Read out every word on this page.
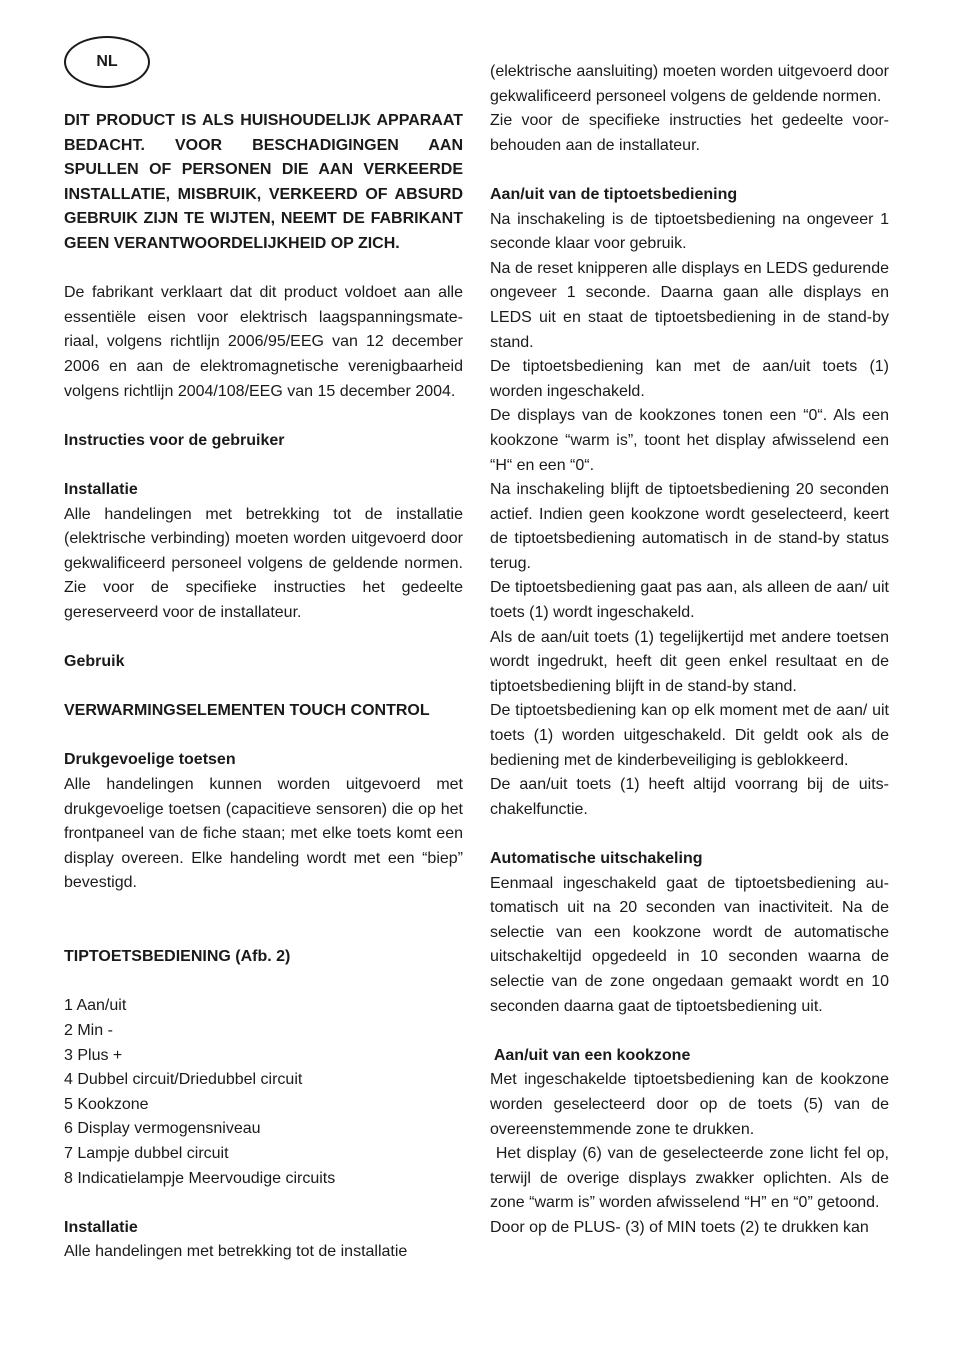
NL

DIT PRODUCT IS ALS HUISHOUDELIJK APPARAAT BEDACHT. VOOR BESCHADIGINGEN AAN SPULLEN OF PERSONEN DIE AAN VERKEERDE INSTALLATIE, MISBRUIK, VERKEERD OF ABSURD GEBRUIK ZIJN TE WIJTEN, NEEMT DE FABRIKANT GEEN VERANTWOORDELIJKHEID OP ZICH.

De fabrikant verklaart dat dit product voldoet aan alle essentiële eisen voor elektrisch laagspanningsmateriaal, volgens richtlijn 2006/95/EEG van 12 december 2006 en aan de elektromagnetische verenigbaarheid volgens richtlijn 2004/108/EEG van 15 december 2004.

Instructies voor de gebruiker

Installatie

Alle handelingen met betrekking tot de installatie (elektrische verbinding) moeten worden uitgevoerd door gekwalificeerd personeel volgens de geldende normen. Zie voor de specifieke instructies het gedeelte gereserveerd voor de installateur.

Gebruik

VERWARMINGSELEMENTEN TOUCH CONTROL

Drukgevoelige toetsen

Alle handelingen kunnen worden uitgevoerd met drukgevoelige toetsen (capacitieve sensoren) die op het frontpaneel van de fiche staan; met elke toets komt een display overeen. Elke handeling wordt met een “biep” bevestigd.

TIPTOETSBEDIENING (Afb. 2)

1 Aan/uit

2 Min -

3 Plus +

4 Dubbel circuit/Driedubbel circuit

5 Kookzone

6 Display vermogensniveau

7 Lampje dubbel circuit

8 Indicatielampje Meervoudige circuits

Installatie

Alle handelingen met betrekking tot de installatie

(elektrische aansluiting) moeten worden uitgevoerd door gekwalificeerd personeel volgens de geldende normen.

Zie voor de specifieke instructies het gedeelte voorbehouden aan de installateur.

Aan/uit van de tiptoetsbediening

Na inschakeling is de tiptoetsbediening na ongeveer 1 seconde klaar voor gebruik.

Na de reset knipperen alle displays en LEDS gedurende ongeveer 1 seconde. Daarna gaan alle displays en LEDS uit en staat de tiptoetsbediening in de stand-by stand.

De tiptoetsbediening kan met de aan/uit toets (1) worden ingeschakeld.

De displays van de kookzones tonen een “0“. Als een kookzone “warm is”, toont het display afwisselend een “H“ en een “0“.

Na inschakeling blijft de tiptoetsbediening 20 seconden actief. Indien geen kookzone wordt geselecteerd, keert de tiptoetsbediening automatisch in de stand-by status terug.

De tiptoetsbediening gaat pas aan, als alleen de aan/ uit toets (1) wordt ingeschakeld.

Als de aan/uit toets (1) tegelijkertijd met andere toetsen wordt ingedrukt, heeft dit geen enkel resultaat en de tiptoetsbediening blijft in de stand-by stand.

De tiptoetsbediening kan op elk moment met de aan/ uit toets (1) worden uitgeschakeld. Dit geldt ook als de bediening met de kinderbeveiliging is geblokkeerd.

De aan/uit toets (1) heeft altijd voorrang bij de uitschakelfunctie.

Automatische uitschakeling

Eenmaal ingeschakeld gaat de tiptoetsbediening automatisch uit na 20 seconden van inactiviteit. Na de selectie van een kookzone wordt de automatische uitschakeltijd opgedeeld in 10 seconden waarna de selectie van de zone ongedaan gemaakt wordt en 10 seconden daarna gaat de tiptoetsbediening uit.

Aan/uit van een kookzone

Met ingeschakelde tiptoetsbediening kan de kookzone worden geselecteerd door op de toets (5) van de overeenstemmende zone te drukken.

Het display (6) van de geselecteerde zone licht fel op, terwijl de overige displays zwakker oplichten. Als de zone “warm is” worden afwisselend “H” en “0” getoond.

Door op de PLUS- (3) of MIN toets (2) te drukken kan
